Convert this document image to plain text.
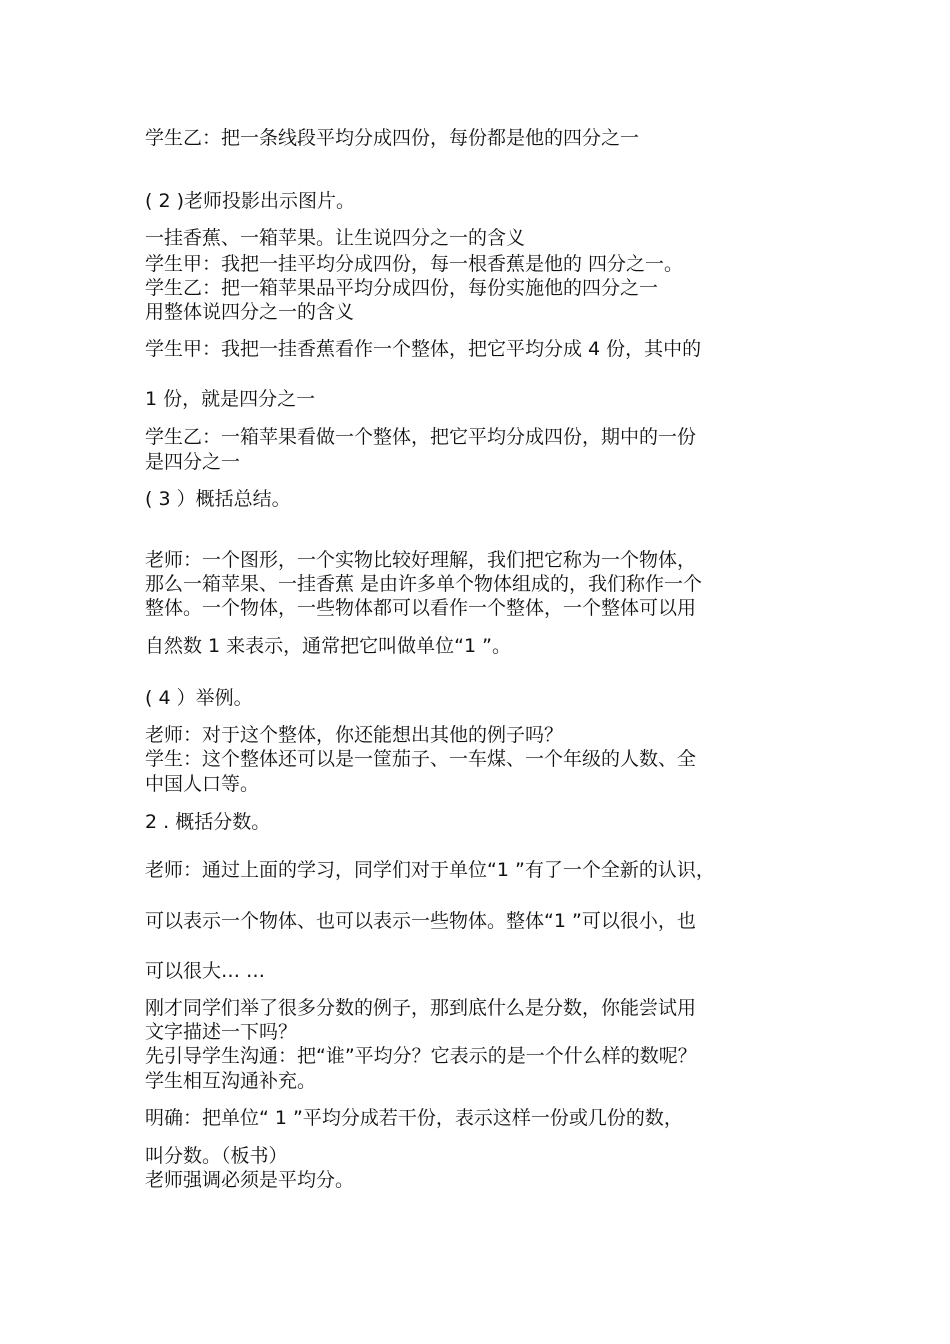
学生乙：把一条线段平均分成四份，每份都是他的四分之一

( 2 )老师投影出示图片。

一挂香蕉、一箱苹果。让生说四分之一的含义

学生甲：我把一挂平均分成四份，每一根香蕉是他的 四分之一。

学生乙：把一箱苹果品平均分成四份，每份实施他的四分之一

用整体说四分之一的含义

学生甲：我把一挂香蕉看作一个整体，把它平均分成 4 份，其中的

1 份，就是四分之一

学生乙：一箱苹果看做一个整体，把它平均分成四份，期中的一份

是四分之一

( 3 ）概括总结。

老师：一个图形，一个实物比较好理解，我们把它称为一个物体，

那么一箱苹果、一挂香蕉 是由许多单个物体组成的，我们称作一个

整体。一个物体，一些物体都可以看作一个整体，一个整体可以用

自然数 1 来表示，通常把它叫做单位“1 ”。

( 4 ）举例。

老师：对于这个整体，你还能想出其他的例子吗？

学生：这个整体还可以是一筐茄子、一车煤、一个年级的人数、全

中国人口等。

2 . 概括分数。

老师：通过上面的学习，同学们对于单位“1 ”有了一个全新的认识，

可以表示一个物体、也可以表示一些物体。整体“1 ”可以很小，也

可以很大… …

刚才同学们举了很多分数的例子，那到底什么是分数，你能尝试用

文字描述一下吗？

先引导学生沟通：把“谁”平均分？它表示的是一个什么样的数呢？

学生相互沟通补充。

明确：把单位“ 1 ”平均分成若干份，表示这样一份或几份的数，

叫分数。（板书）

老师强调必须是平均分。
